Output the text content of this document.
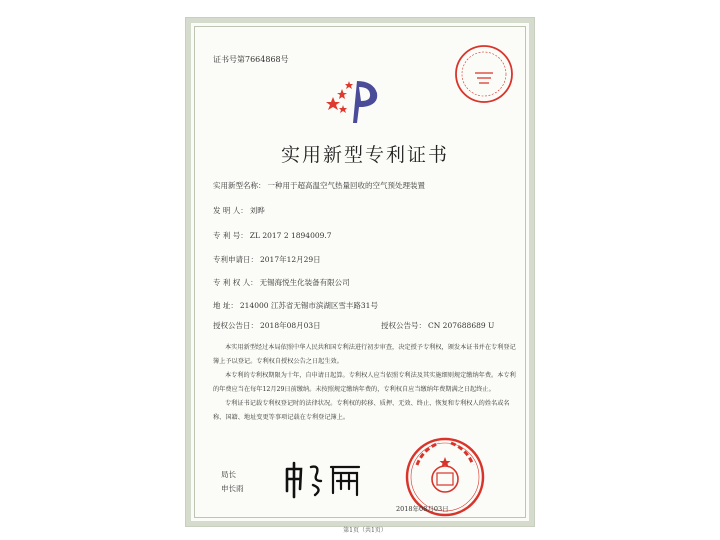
证书号第7664868号
实用新型专利证书
实用新型名称： 一种用于超高温空气热量回收的空气预处理装置
发 明 人： 刘晔
专 利 号： ZL 2017 2 1894009.7
专利申请日： 2017年12月29日
专 利 权 人： 无锡海悦生化装备有限公司
地 址： 214000 江苏省无锡市滨湖区雪丰路31号
授权公告日： 2018年08月03日	授权公告号： CN 207688689 U

本实用新型经过本局依照中华人民共和国专利法进行初步审查，决定授予专利权，颁发本证书并在专利登记簿上予以登记。专利权自授权公告之日起生效。

本专利的专利权期限为十年，自申请日起算。专利权人应当依照专利法及其实施细则规定缴纳年费。本专利的年费应当在每年12月29日前缴纳。未按照规定缴纳年费的，专利权自应当缴纳年费期满之日起终止。

专利证书记载专利权登记时的法律状况。专利权的转移、质押、无效、终止、恢复和专利权人的姓名或名称、国籍、地址变更等事项记载在专利登记簿上。

局长
申长雨
2018年08月03日
第1页（共1页）
